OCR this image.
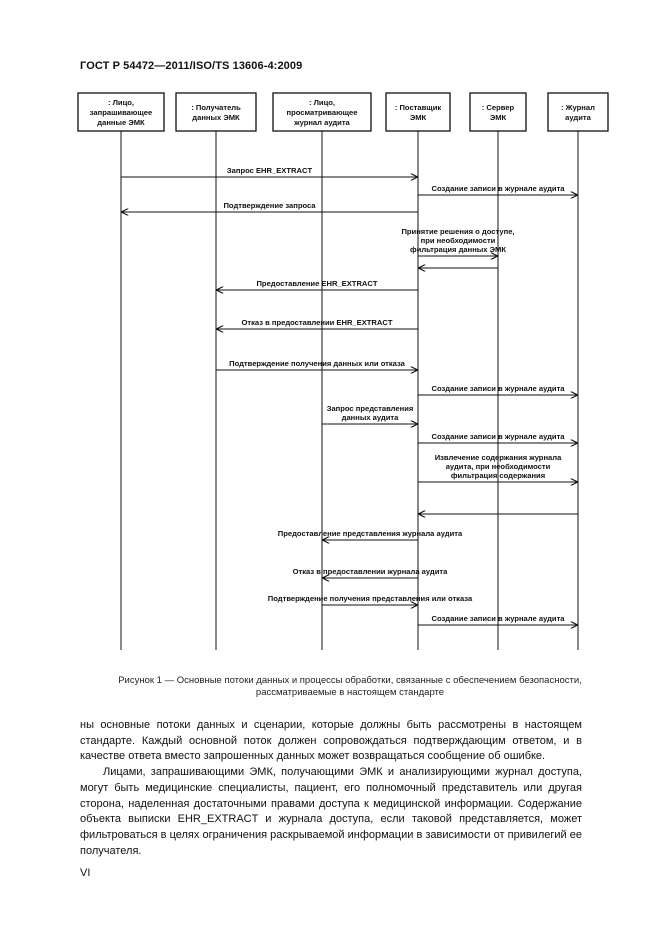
ГОСТ Р 54472—2011/ISO/TS 13606-4:2009
: Лицо,
запрашивающее
данные ЭМК
: Получатель
данных ЭМК
: Лицо,
просматривающее
журнал аудита
: Поставщик
ЭМК
: Сервер
ЭМК
: Журнал
аудита
Запрос EHR_EXTRACT
Создание записи в журнале аудита
Подтверждение запроса
Принятие решения о доступе,
при необходимости
фильтрация данных ЭМК
Предоставление EHR_EXTRACT
Отказ в предоставлении EHR_EXTRACT
Подтверждение получения данных или отказа
Создание записи в журнале аудита
Запрос представления
данных аудита
Создание записи в журнале аудита
Извлечение содержания журнала
аудита, при необходимости
фильтрация содержания
Предоставление представления журнала аудита
Отказ в предоставлении журнала аудита
Подтверждение получения представления или отказа
Создание записи в журнале аудита
Рисунок 1 — Основные потоки данных и процессы обработки, связанные с обеспечением безопасности,
рассматриваемые в настоящем стандарте

ны основные потоки данных и сценарии, которые должны быть рассмотрены в настоящем стандарте. Каждый основной поток должен сопровождаться подтверждающим ответом, и в качестве ответа вместо запрошенных данных может возвращаться сообщение об ошибке.

Лицами, запрашивающими ЭМК, получающими ЭМК и анализирующими журнал доступа, могут быть медицинские специалисты, пациент, его полномочный представитель или другая сторона, наделенная достаточными правами доступа к медицинской информации. Содержание объекта выписки EHR_EXTRACT и журнала доступа, если таковой представляется, может фильтроваться в целях ограничения раскрываемой информации в зависимости от привилегий ее получателя.

VI
